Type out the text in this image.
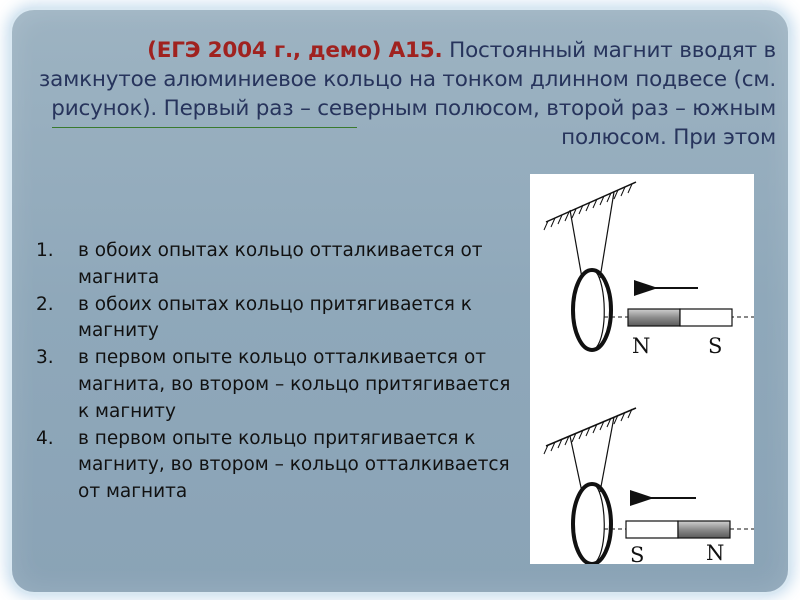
(ЕГЭ 2004 г., демо) А15. Постоянный магнит вводят в замкнутое алюминиевое кольцо на тонком длинном подвесе (см. рисунок). Первый раз – северным полюсом, второй раз – южным полюсом. При этом
1. в обоих опытах кольцо отталкивается от магнита
2. в обоих опытах кольцо притягивается к магниту
3. в первом опыте кольцо отталкивается от магнита, во втором – кольцо притягивается к магниту
4. в первом опыте кольцо притягивается к магниту, во втором – кольцо отталкивается от магнита
N	S
S	N
